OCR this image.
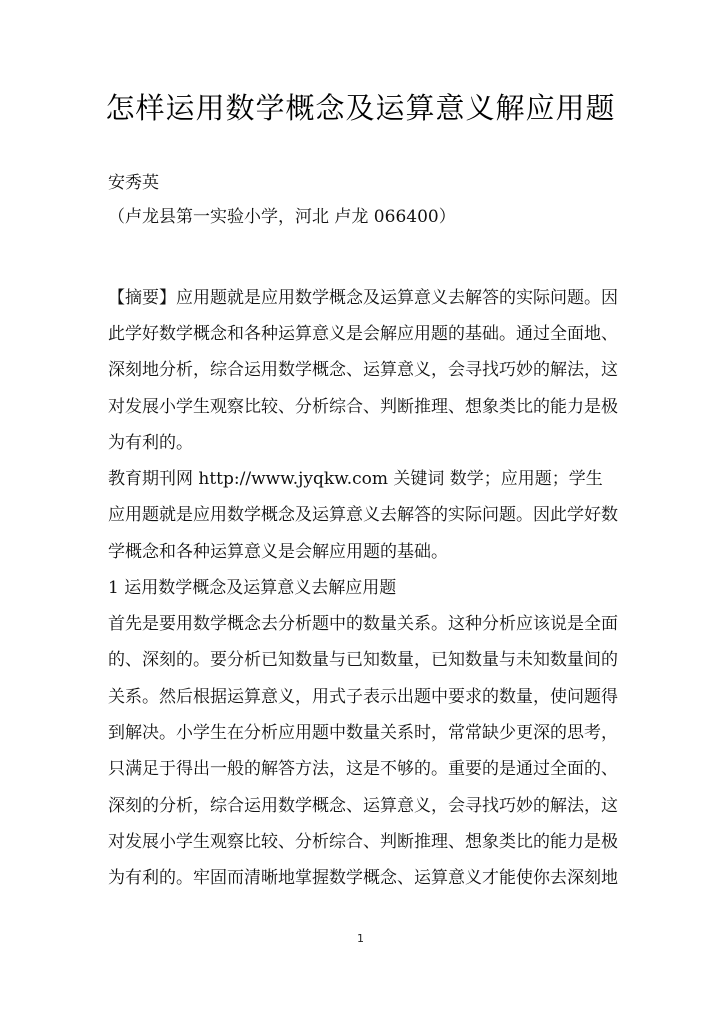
怎样运用数学概念及运算意义解应用题
安秀英
（卢龙县第一实验小学，河北 卢龙 066400）
【摘要】应用题就是应用数学概念及运算意义去解答的实际问题。因
此学好数学概念和各种运算意义是会解应用题的基础。通过全面地、
深刻地分析，综合运用数学概念、运算意义，会寻找巧妙的解法，这
对发展小学生观察比较、分析综合、判断推理、想象类比的能力是极
为有利的。
教育期刊网 http://www.jyqkw.com 关键词 数学；应用题；学生
应用题就是应用数学概念及运算意义去解答的实际问题。因此学好数
学概念和各种运算意义是会解应用题的基础。
1 运用数学概念及运算意义去解应用题
首先是要用数学概念去分析题中的数量关系。这种分析应该说是全面
的、深刻的。要分析已知数量与已知数量，已知数量与未知数量间的
关系。然后根据运算意义，用式子表示出题中要求的数量，使问题得
到解决。小学生在分析应用题中数量关系时，常常缺少更深的思考，
只满足于得出一般的解答方法，这是不够的。重要的是通过全面的、
深刻的分析，综合运用数学概念、运算意义，会寻找巧妙的解法，这
对发展小学生观察比较、分析综合、判断推理、想象类比的能力是极
为有利的。牢固而清晰地掌握数学概念、运算意义才能使你去深刻地
1
